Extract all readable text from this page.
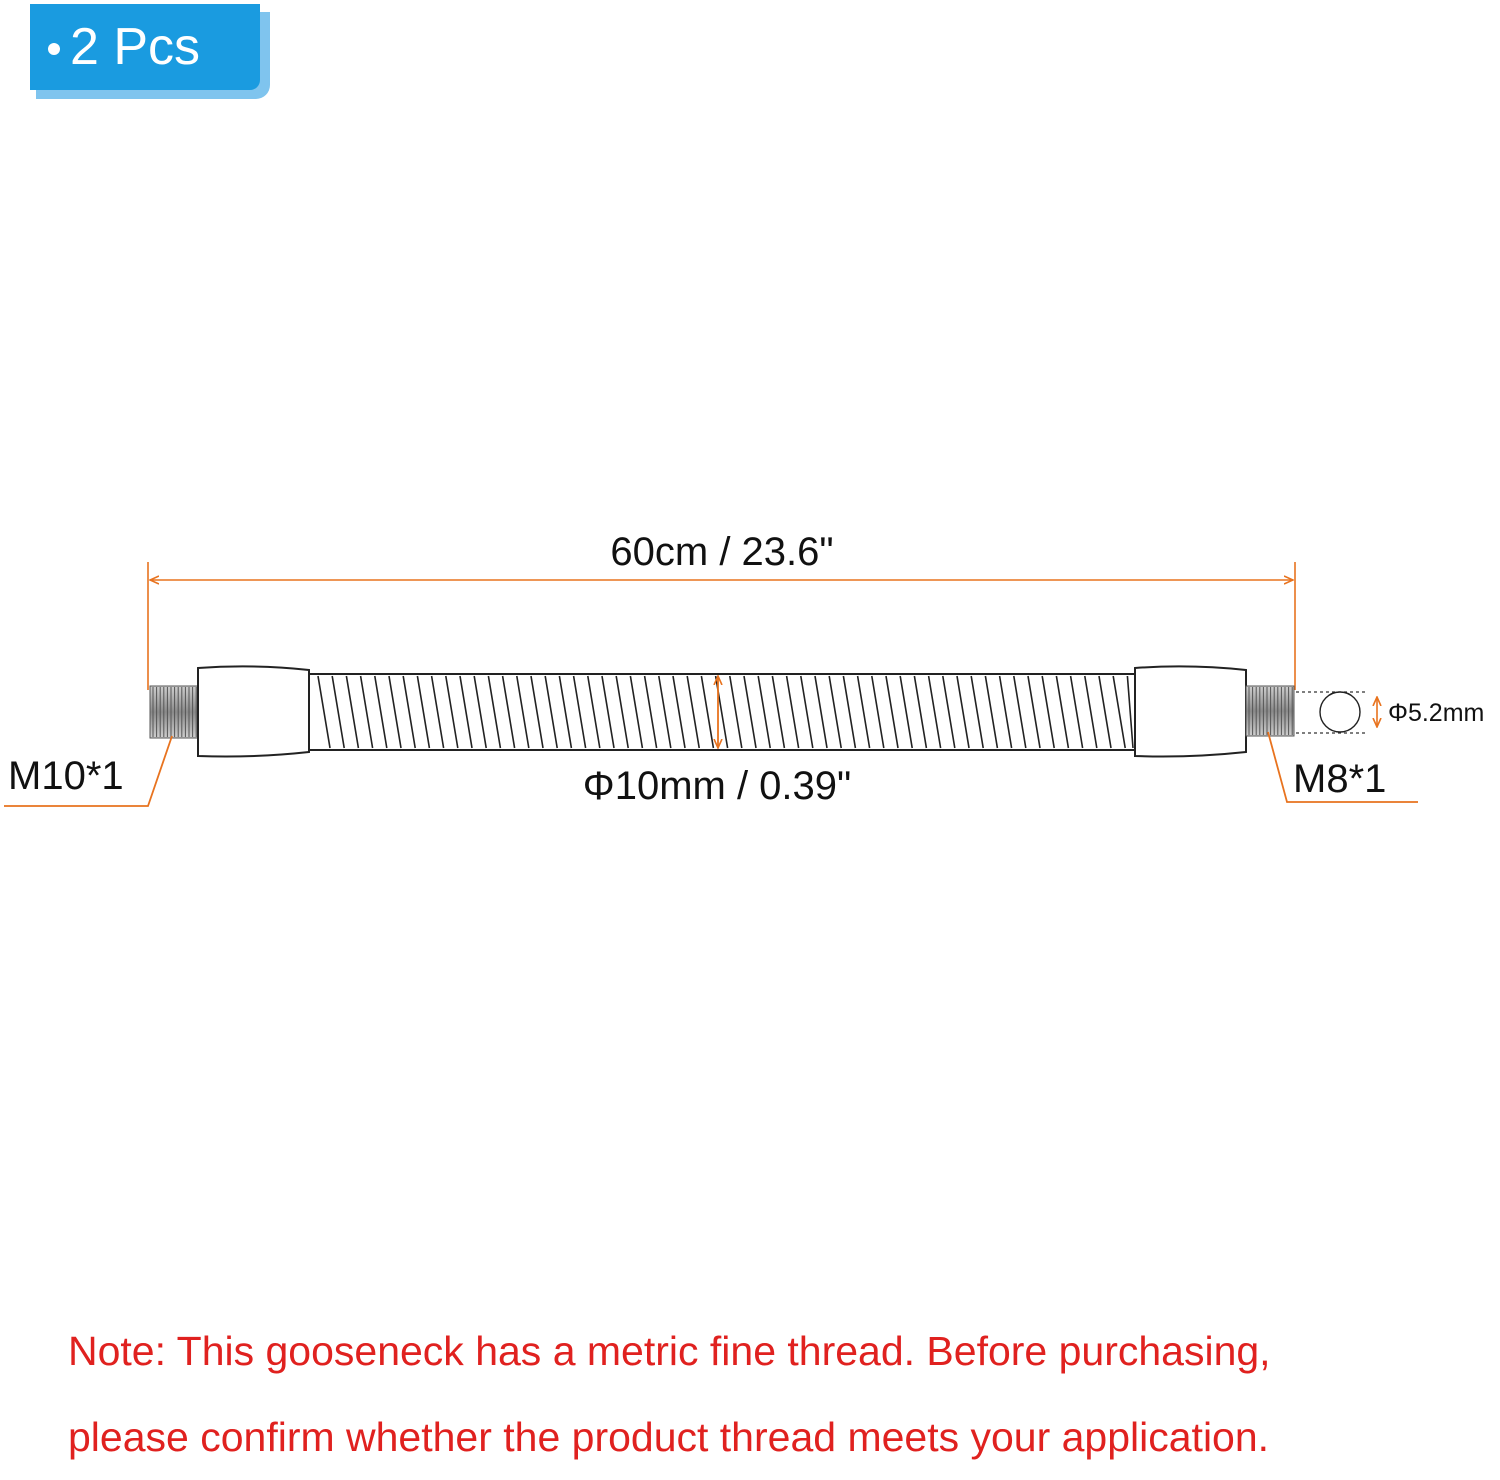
2 Pcs
60cm / 23.6"
Φ5.2mm
Φ10mm / 0.39"
M10*1	M8*1
Note: This gooseneck has a metric fine thread. Before purchasing,
please confirm whether the product thread meets your application.
